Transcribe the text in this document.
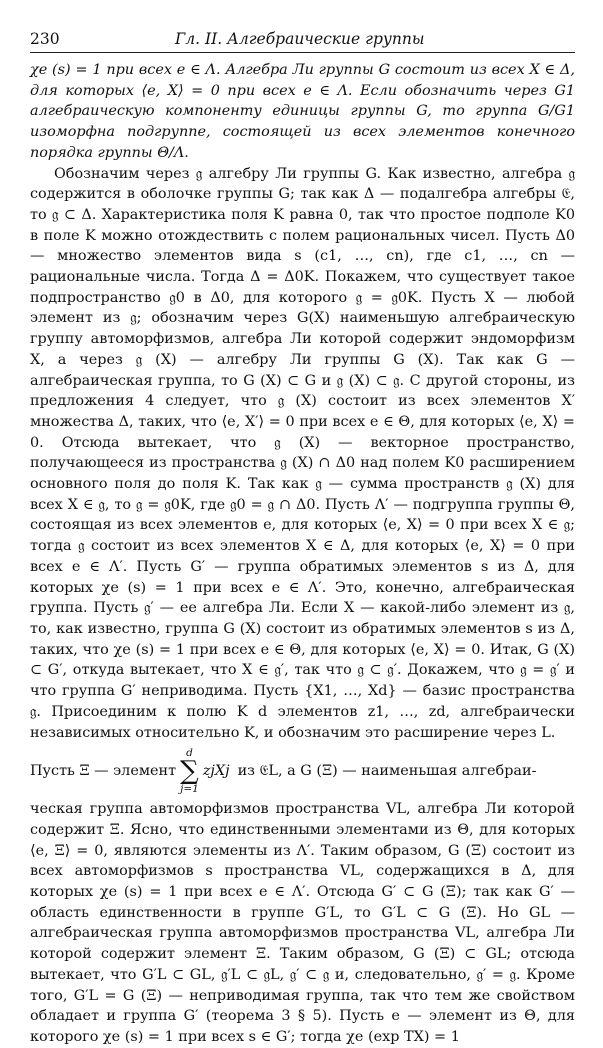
230	Гл. II. Алгебраические группы

χe (s) = 1 при всех e ∈ Λ. Алгебра Ли группы G состоит из всех X ∈ Δ, для которых ⟨e, X⟩ = 0 при всех e ∈ Λ. Если обозначить через G1 алгебраическую компоненту единицы группы G, то группа G/G1 изоморфна подгруппе, состоящей из всех элементов конечного порядка группы Θ/Λ.

Обозначим через 𝔤 алгебру Ли группы G. Как известно, алгебра 𝔤 содержится в оболочке группы G; так как Δ — подалгебра алгебры 𝔈, то 𝔤 ⊂ Δ. Характеристика поля K равна 0, так что простое подполе K0 в поле K можно отождествить с полем рациональных чисел. Пусть Δ0 — множество элементов вида s (c1, …, cn), где c1, …, cn — рациональные числа. Тогда Δ = Δ0K. Покажем, что существует такое подпространство 𝔤0 в Δ0, для которого 𝔤 = 𝔤0K. Пусть X — любой элемент из 𝔤; обозначим через G(X) наименьшую алгебраическую группу автоморфизмов, алгебра Ли которой содержит эндоморфизм X, а через 𝔤 (X) — алгебру Ли группы G (X). Так как G — алгебраическая группа, то G (X) ⊂ G и 𝔤 (X) ⊂ 𝔤. С другой стороны, из предложения 4 следует, что 𝔤 (X) состоит из всех элементов X′ множества Δ, таких, что ⟨e, X′⟩ = 0 при всех e ∈ Θ, для которых ⟨e, X⟩ = 0. Отсюда вытекает, что 𝔤 (X) — векторное пространство, получающееся из пространства 𝔤 (X) ∩ Δ0 над полем K0 расширением основного поля до поля K. Так как 𝔤 — сумма пространств 𝔤 (X) для всех X ∈ 𝔤, то 𝔤 = 𝔤0K, где 𝔤0 = 𝔤 ∩ Δ0. Пусть Λ′ — подгруппа группы Θ, состоящая из всех элементов e, для которых ⟨e, X⟩ = 0 при всех X ∈ 𝔤; тогда 𝔤 состоит из всех элементов X ∈ Δ, для которых ⟨e, X⟩ = 0 при всех e ∈ Λ′. Пусть G′ — группа обратимых элементов s из Δ, для которых χe (s) = 1 при всех e ∈ Λ′. Это, конечно, алгебраическая группа. Пусть 𝔤′ — ее алгебра Ли. Если X — какой-либо элемент из 𝔤, то, как известно, группа G (X) состоит из обратимых элементов s из Δ, таких, что χe (s) = 1 при всех e ∈ Θ, для которых ⟨e, X⟩ = 0. Итак, G (X) ⊂ G′, откуда вытекает, что X ∈ 𝔤′, так что 𝔤 ⊂ 𝔤′. Докажем, что 𝔤 = 𝔤′ и что группа G′ неприводима. Пусть {X1, …, Xd} — базис пространства 𝔤. Присоединим к полю K d элементов z1, …, zd, алгебраически независимых относительно K, и обозначим это расширение через L.

Пусть Ξ — элемент
d
∑
j=1
zjXj из 𝔈L, а G (Ξ) — наименьшая алгебраи-

ческая группа автоморфизмов пространства VL, алгебра Ли которой содержит Ξ. Ясно, что единственными элементами из Θ, для которых ⟨e, Ξ⟩ = 0, являются элементы из Λ′. Таким образом, G (Ξ) состоит из всех автоморфизмов s пространства VL, содержащихся в Δ, для которых χe (s) = 1 при всех e ∈ Λ′. Отсюда G′ ⊂ G (Ξ); так как G′ — область единственности в группе G′L, то G′L ⊂ G (Ξ). Но GL — алгебраическая группа автоморфизмов пространства VL, алгебра Ли которой содержит элемент Ξ. Таким образом, G (Ξ) ⊂ GL; отсюда вытекает, что G′L ⊂ GL, 𝔤′L ⊂ 𝔤L, 𝔤′ ⊂ 𝔤 и, следовательно, 𝔤′ = 𝔤. Кроме того, G′L = G (Ξ) — неприводимая группа, так что тем же свойством обладает и группа G′ (теорема 3 § 5). Пусть e — элемент из Θ, для которого χe (s) = 1 при всех s ∈ G′; тогда χe (exp TX) = 1
